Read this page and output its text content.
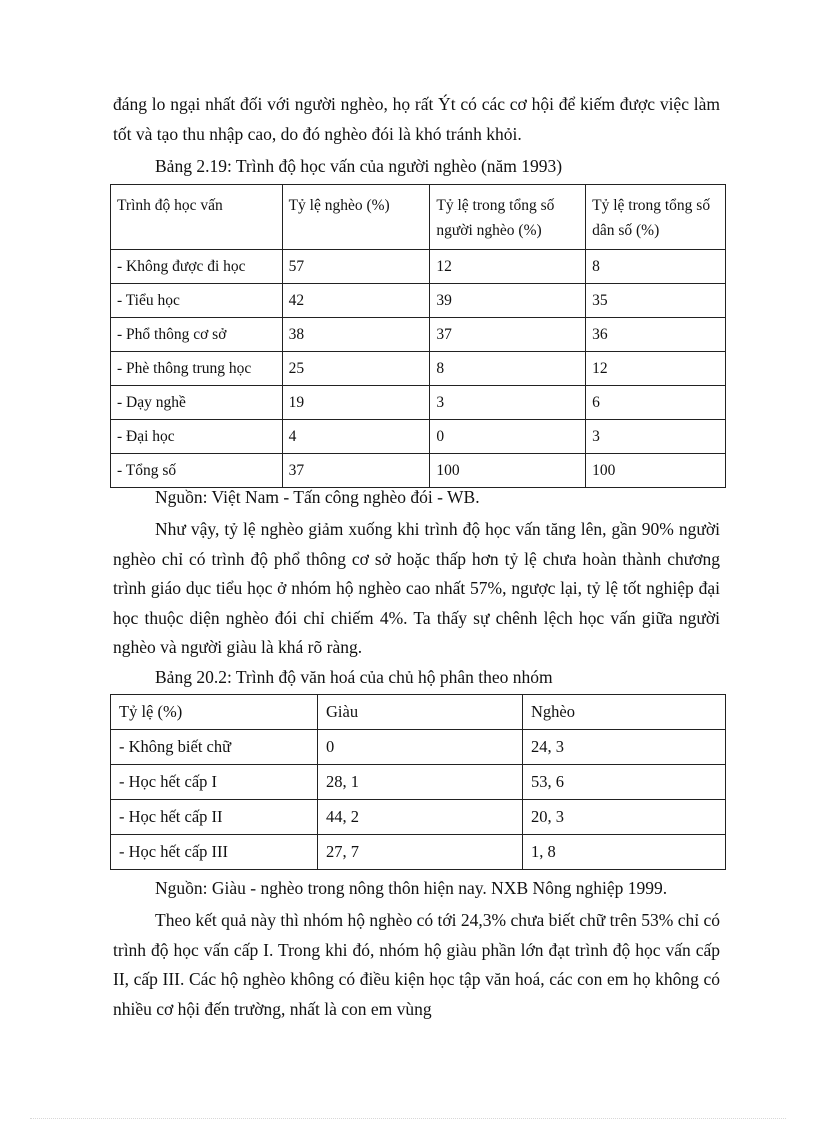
đáng lo ngại nhất đối với người nghèo, họ rất Ýt có các cơ hội để kiếm được việc làm tốt và tạo thu nhập cao, do đó nghèo đói là khó tránh khỏi.

Bảng 2.19: Trình độ học vấn của người nghèo (năm 1993)

Trình độ học vấn	Tỷ lệ nghèo (%)	Tỷ lệ trong tổng số người nghèo (%)	Tỷ lệ trong tổng số dân số (%)
- Không được đi học	57	12	8
- Tiểu học	42	39	35
- Phổ thông cơ sở	38	37	36
- Phè thông trung học	25	8	12
- Dạy nghề	19	3	6
- Đại học	4	0	3
- Tổng số	37	100	100

Nguồn: Việt Nam - Tấn công nghèo đói - WB.

Như vậy, tỷ lệ nghèo giảm xuống khi trình độ học vấn tăng lên, gần 90% người nghèo chỉ có trình độ phổ thông cơ sở hoặc thấp hơn tỷ lệ chưa hoàn thành chương trình giáo dục tiểu học ở nhóm hộ nghèo cao nhất 57%, ngược lại, tỷ lệ tốt nghiệp đại học thuộc diện nghèo đói chỉ chiếm 4%. Ta thấy sự chênh lệch học vấn giữa người nghèo và người giàu là khá rõ ràng.

Bảng 20.2: Trình độ văn hoá của chủ hộ phân theo nhóm

Tỷ lệ (%)	Giàu	Nghèo
- Không biết chữ	0	24, 3
- Học hết cấp I	28, 1	53, 6
- Học hết cấp II	44, 2	20, 3
- Học hết cấp III	27, 7	1, 8

Nguồn: Giàu - nghèo trong nông thôn hiện nay. NXB Nông nghiệp 1999.

Theo kết quả này thì nhóm hộ nghèo có tới 24,3% chưa biết chữ trên 53% chỉ có trình độ học vấn cấp I. Trong khi đó, nhóm hộ giàu phần lớn đạt trình độ học vấn cấp II, cấp III. Các hộ nghèo không có điều kiện học tập văn hoá, các con em họ không có nhiều cơ hội đến trường, nhất là con em vùng
